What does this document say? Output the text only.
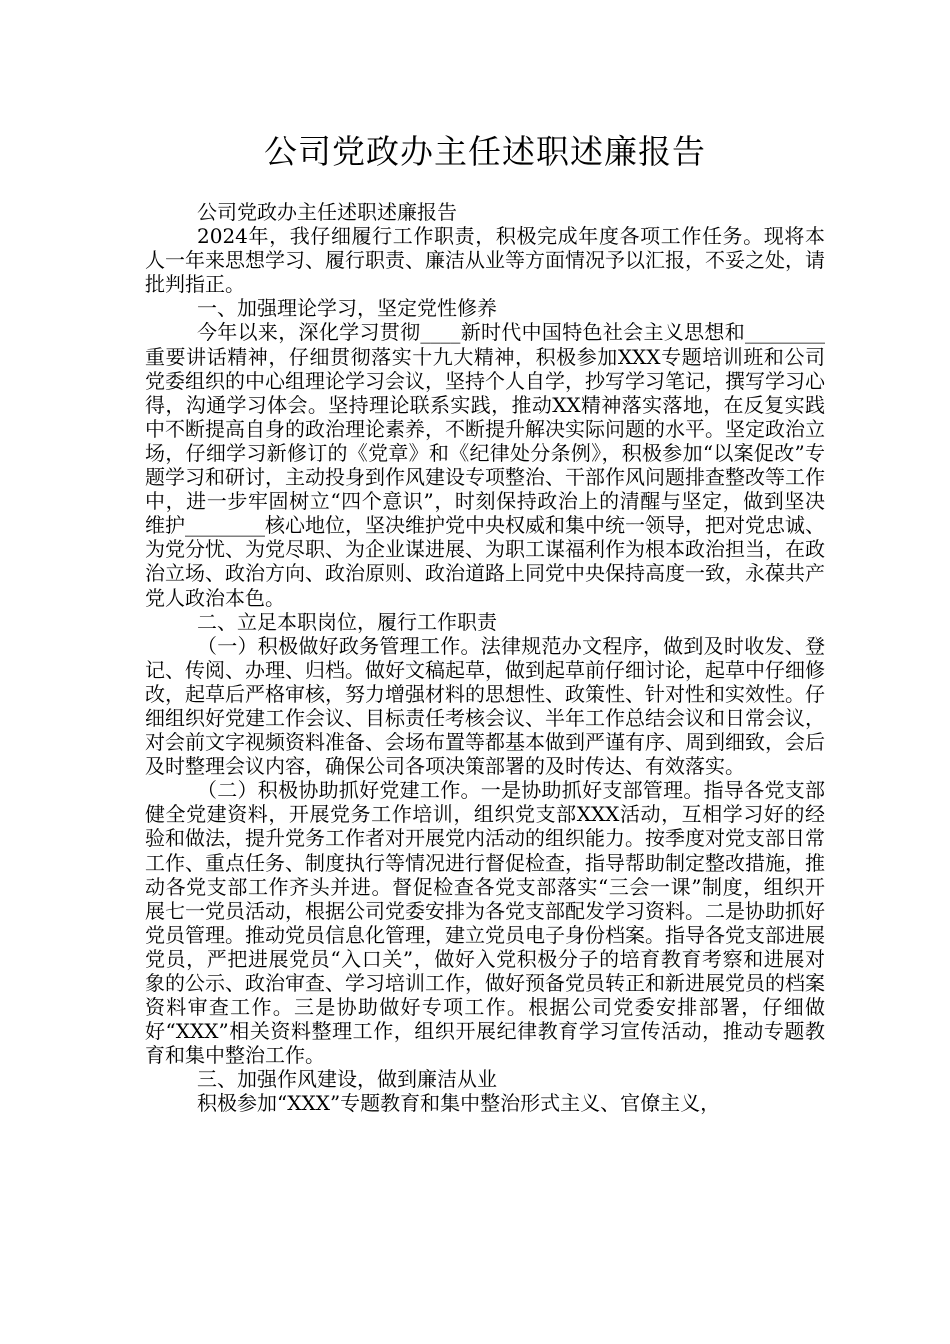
公司党政办主任述职述廉报告

公司党政办主任述职述廉报告

2024年，我仔细履行工作职责，积极完成年度各项工作任务。现将本人一年来思想学习、履行职责、廉洁从业等方面情况予以汇报，不妥之处，请批判指正。

一、加强理论学习，坚定党性修养

今年以来，深化学习贯彻____新时代中国特色社会主义思想和________重要讲话精神，仔细贯彻落实十九大精神，积极参加XXX专题培训班和公司党委组织的中心组理论学习会议，坚持个人自学，抄写学习笔记，撰写学习心得，沟通学习体会。坚持理论联系实践，推动XX精神落实落地，在反复实践中不断提高自身的政治理论素养，不断提升解决实际问题的水平。坚定政治立场，仔细学习新修订的《党章》和《纪律处分条例》，积极参加“以案促改”专题学习和研讨，主动投身到作风建设专项整治、干部作风问题排查整改等工作中，进一步牢固树立“四个意识”，时刻保持政治上的清醒与坚定，做到坚决维护________核心地位，坚决维护党中央权威和集中统一领导，把对党忠诚、为党分忧、为党尽职、为企业谋进展、为职工谋福利作为根本政治担当，在政治立场、政治方向、政治原则、政治道路上同党中央保持高度一致，永葆共产党人政治本色。

二、立足本职岗位，履行工作职责

（一）积极做好政务管理工作。法律规范办文程序，做到及时收发、登记、传阅、办理、归档。做好文稿起草，做到起草前仔细讨论，起草中仔细修改，起草后严格审核，努力增强材料的思想性、政策性、针对性和实效性。仔细组织好党建工作会议、目标责任考核会议、半年工作总结会议和日常会议，对会前文字视频资料准备、会场布置等都基本做到严谨有序、周到细致，会后及时整理会议内容，确保公司各项决策部署的及时传达、有效落实。

（二）积极协助抓好党建工作。一是协助抓好支部管理。指导各党支部健全党建资料，开展党务工作培训，组织党支部XXX活动，互相学习好的经验和做法，提升党务工作者对开展党内活动的组织能力。按季度对党支部日常工作、重点任务、制度执行等情况进行督促检查，指导帮助制定整改措施，推动各党支部工作齐头并进。督促检查各党支部落实“三会一课”制度，组织开展七一党员活动，根据公司党委安排为各党支部配发学习资料。二是协助抓好党员管理。推动党员信息化管理，建立党员电子身份档案。指导各党支部进展党员，严把进展党员“入口关”，做好入党积极分子的培育教育考察和进展对象的公示、政治审查、学习培训工作，做好预备党员转正和新进展党员的档案资料审查工作。三是协助做好专项工作。根据公司党委安排部署，仔细做好“XXX”相关资料整理工作，组织开展纪律教育学习宣传活动，推动专题教育和集中整治工作。

三、加强作风建设，做到廉洁从业

积极参加“XXX”专题教育和集中整治形式主义、官僚主义，
